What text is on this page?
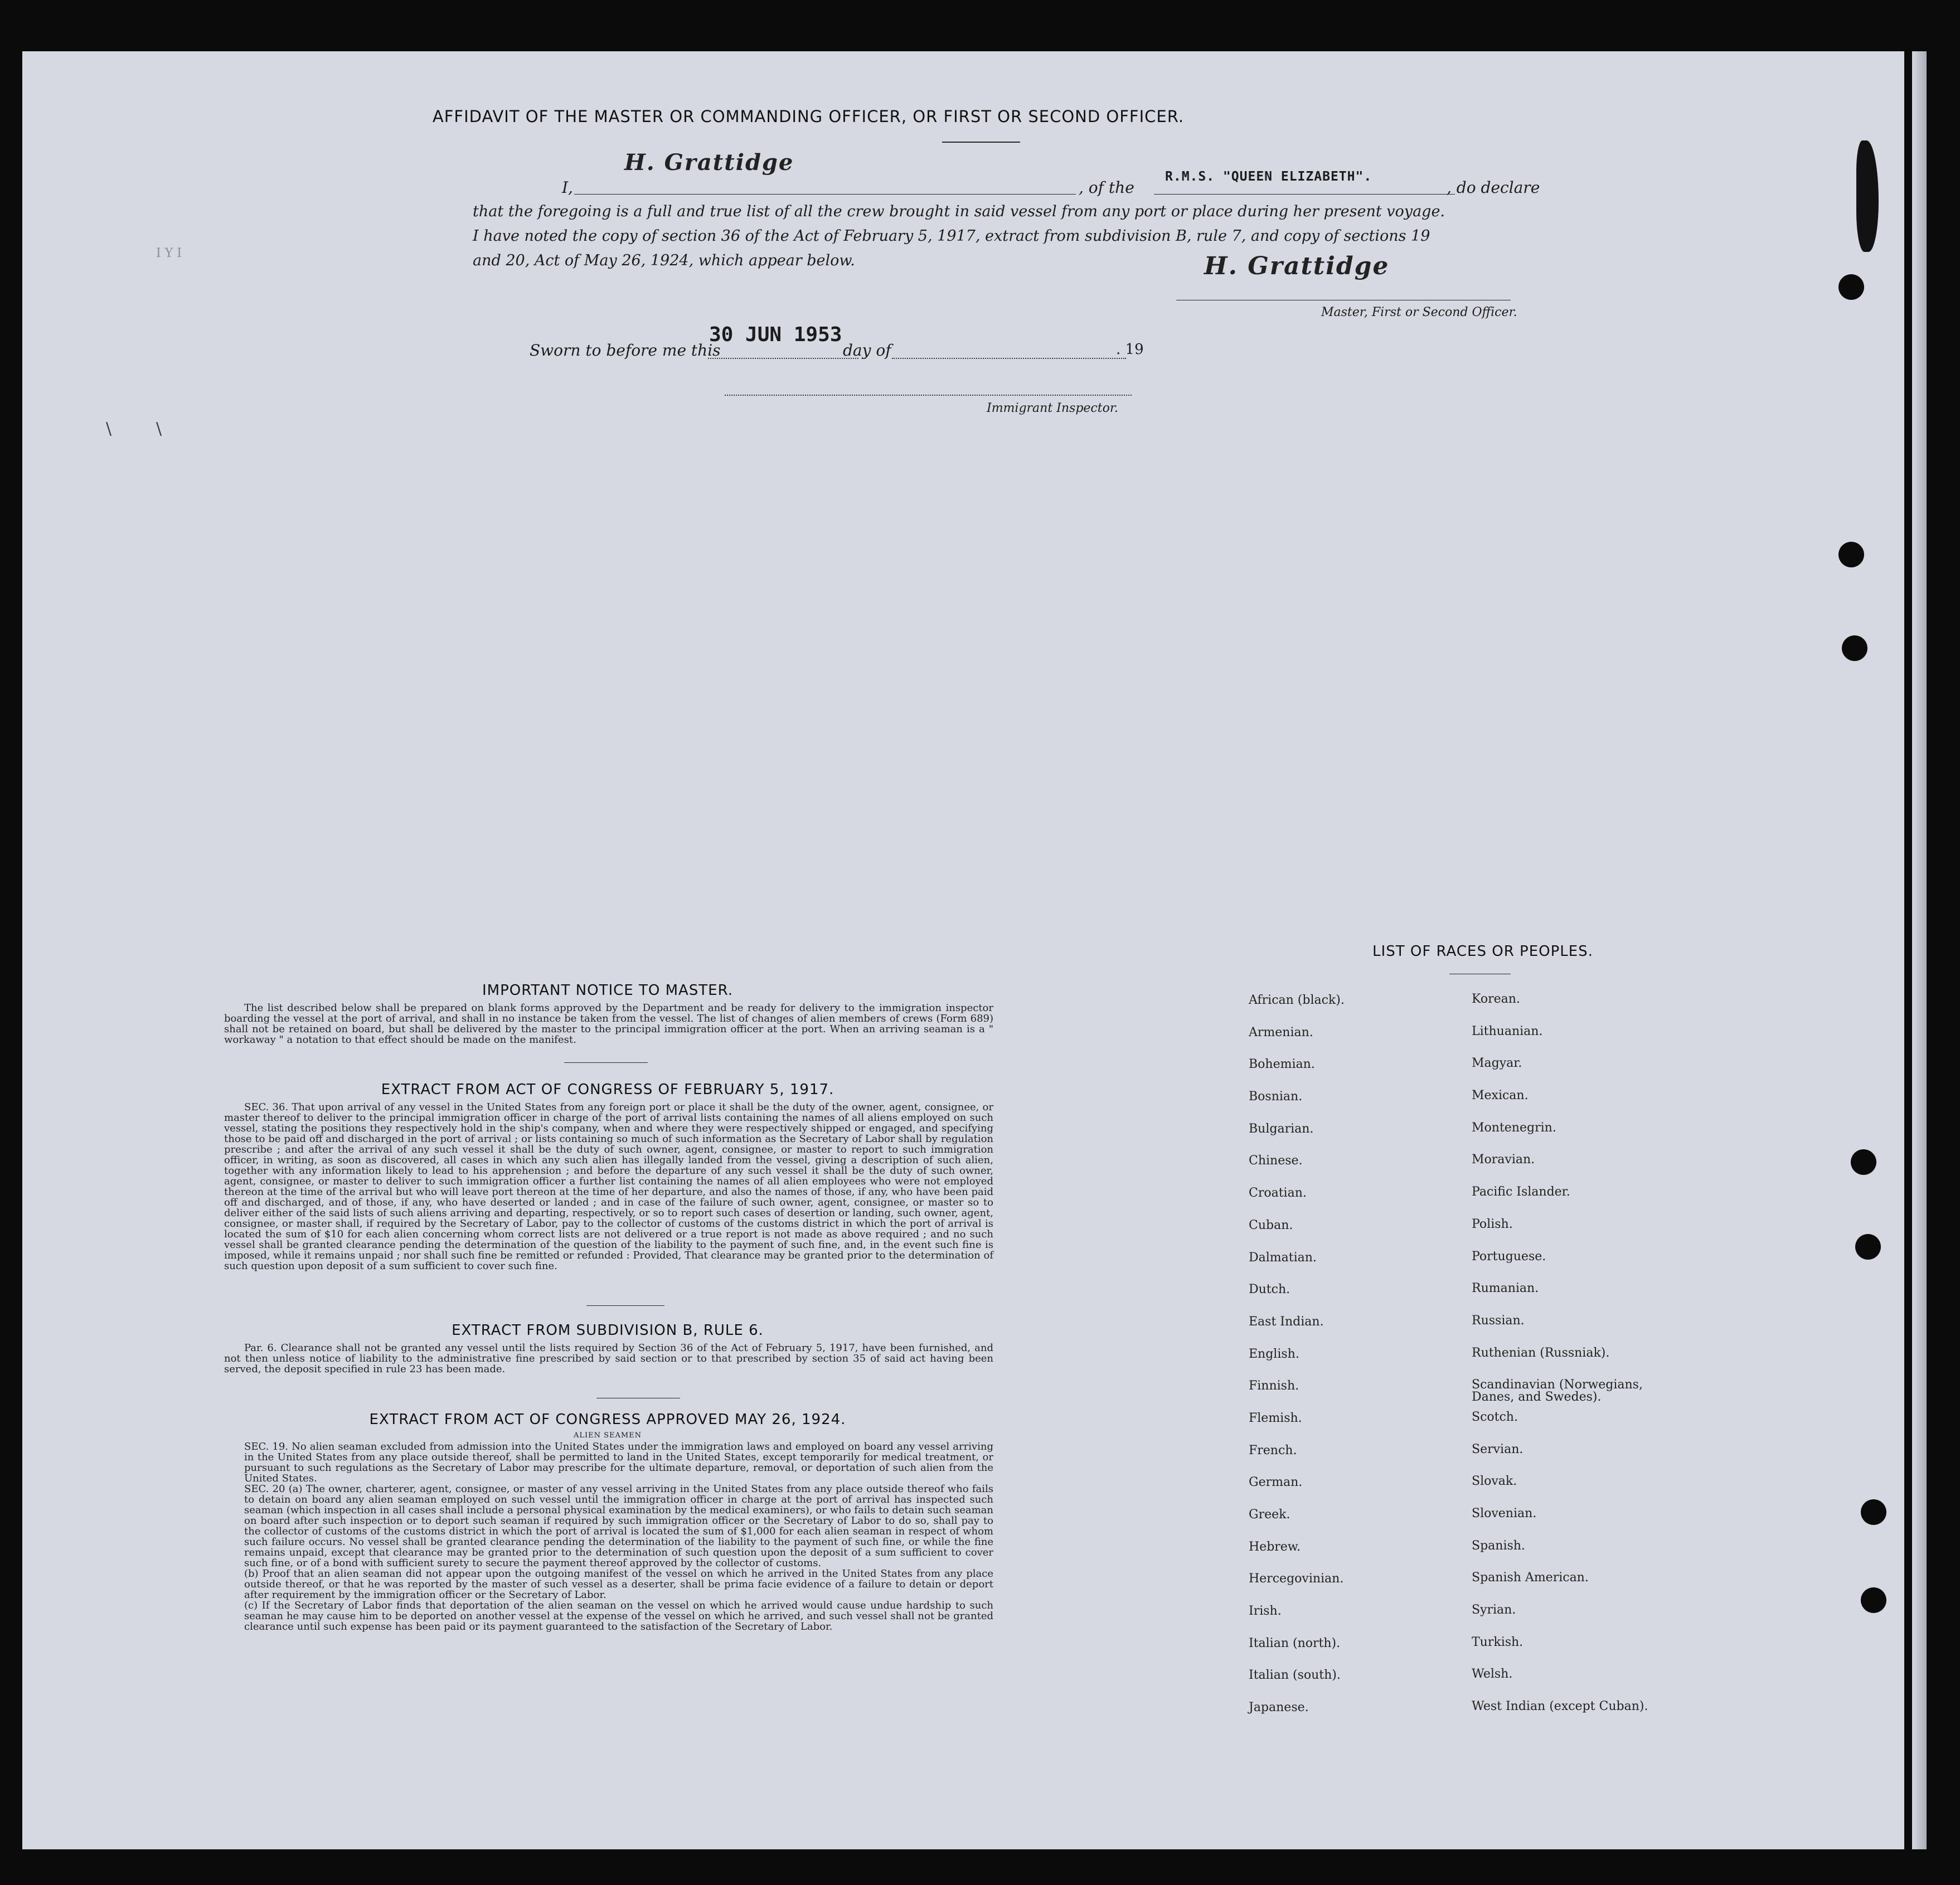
AFFIDAVIT OF THE MASTER OR COMMANDING OFFICER, OR FIRST OR SECOND OFFICER.
H. Grattidge
I,	, of the
R.M.S. "QUEEN ELIZABETH".
, do declare
that the foregoing is a full and true list of all the crew brought in said vessel from any port or place during her present voyage.
I have noted the copy of section 36 of the Act of February 5, 1917, extract from subdivision B, rule 7, and copy of sections 19
and 20, Act of May 26, 1924, which appear below.	H. Grattidge
Master, First or Second Officer.
30 JUN 1953
Sworn to before me this	day of	. 19
Immigrant Inspector.
IMPORTANT NOTICE TO MASTER.
The list described below shall be prepared on blank forms approved by the Department and be ready for delivery to the immigration inspector boarding the vessel at the port of arrival, and shall in no instance be taken from the vessel. The list of changes of alien members of crews (Form 689) shall not be retained on board, but shall be delivered by the master to the principal immigration officer at the port. When an arriving seaman is a " workaway " a notation to that effect should be made on the manifest.
EXTRACT FROM ACT OF CONGRESS OF FEBRUARY 5, 1917.
SEC. 36. That upon arrival of any vessel in the United States from any foreign port or place it shall be the duty of the owner, agent, consignee, or master thereof to deliver to the principal immigration officer in charge of the port of arrival lists containing the names of all aliens employed on such vessel, stating the positions they respectively hold in the ship's company, when and where they were respectively shipped or engaged, and specifying those to be paid off and discharged in the port of arrival ; or lists containing so much of such information as the Secretary of Labor shall by regulation prescribe ; and after the arrival of any such vessel it shall be the duty of such owner, agent, consignee, or master to report to such immigration officer, in writing, as soon as discovered, all cases in which any such alien has illegally landed from the vessel, giving a description of such alien, together with any information likely to lead to his apprehension ; and before the departure of any such vessel it shall be the duty of such owner, agent, consignee, or master to deliver to such immigration officer a further list containing the names of all alien employees who were not employed thereon at the time of the arrival but who will leave port thereon at the time of her departure, and also the names of those, if any, who have been paid off and discharged, and of those, if any, who have deserted or landed ; and in case of the failure of such owner, agent, consignee, or master so to deliver either of the said lists of such aliens arriving and departing, respectively, or so to report such cases of desertion or landing, such owner, agent, consignee, or master shall, if required by the Secretary of Labor, pay to the collector of customs of the customs district in which the port of arrival is located the sum of $10 for each alien concerning whom correct lists are not delivered or a true report is not made as above required ; and no such vessel shall be granted clearance pending the determination of the question of the liability to the payment of such fine, and, in the event such fine is imposed, while it remains unpaid ; nor shall such fine be remitted or refunded : Provided, That clearance may be granted prior to the determination of such question upon deposit of a sum sufficient to cover such fine.
EXTRACT FROM SUBDIVISION B, RULE 6.
Par. 6. Clearance shall not be granted any vessel until the lists required by Section 36 of the Act of February 5, 1917, have been furnished, and not then unless notice of liability to the administrative fine prescribed by said section or to that prescribed by section 35 of said act having been served, the deposit specified in rule 23 has been made.
EXTRACT FROM ACT OF CONGRESS APPROVED MAY 26, 1924.
ALIEN SEAMEN
SEC. 19. No alien seaman excluded from admission into the United States under the immigration laws and employed on board any vessel arriving in the United States from any place outside thereof, shall be permitted to land in the United States, except temporarily for medical treatment, or pursuant to such regulations as the Secretary of Labor may prescribe for the ultimate departure, removal, or deportation of such alien from the United States.
SEC. 20 (a) The owner, charterer, agent, consignee, or master of any vessel arriving in the United States from any place outside thereof who fails to detain on board any alien seaman employed on such vessel until the immigration officer in charge at the port of arrival has inspected such seaman (which inspection in all cases shall include a personal physical examination by the medical examiners), or who fails to detain such seaman on board after such inspection or to deport such seaman if required by such immigration officer or the Secretary of Labor to do so, shall pay to the collector of customs of the customs district in which the port of arrival is located the sum of $1,000 for each alien seaman in respect of whom such failure occurs. No vessel shall be granted clearance pending the determination of the liability to the payment of such fine, or while the fine remains unpaid, except that clearance may be granted prior to the determination of such question upon the deposit of a sum sufficient to cover such fine, or of a bond with sufficient surety to secure the payment thereof approved by the collector of customs.
(b) Proof that an alien seaman did not appear upon the outgoing manifest of the vessel on which he arrived in the United States from any place outside thereof, or that he was reported by the master of such vessel as a deserter, shall be prima facie evidence of a failure to detain or deport after requirement by the immigration officer or the Secretary of Labor.
(c) If the Secretary of Labor finds that deportation of the alien seaman on the vessel on which he arrived would cause undue hardship to such seaman he may cause him to be deported on another vessel at the expense of the vessel on which he arrived, and such vessel shall not be granted clearance until such expense has been paid or its payment guaranteed to the satisfaction of the Secretary of Labor.
LIST OF RACES OR PEOPLES.
African (black).	Korean.
Armenian.	Lithuanian.
Bohemian.	Magyar.
Bosnian.	Mexican.
Bulgarian.	Montenegrin.
Chinese.	Moravian.
Croatian.	Pacific Islander.
Cuban.	Polish.
Dalmatian.	Portuguese.
Dutch.	Rumanian.
East Indian.	Russian.
English.	Ruthenian (Russniak).
Finnish.	Scandinavian (Norwegians,
Danes, and Swedes).
Flemish.	Scotch.
French.	Servian.
German.	Slovak.
Greek.	Slovenian.
Hebrew.	Spanish.
Hercegovinian.	Spanish American.
Irish.	Syrian.
Italian (north).	Turkish.
Italian (south).	Welsh.
Japanese.	West Indian (except Cuban).
I Y I
\	\
